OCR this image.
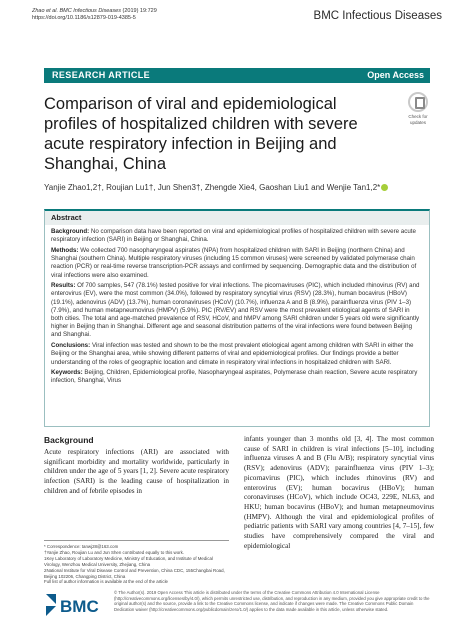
Zhao et al. BMC Infectious Diseases (2019) 19:729
https://doi.org/10.1186/s12879-019-4385-5	BMC Infectious Diseases
RESEARCH ARTICLE	Open Access
Comparison of viral and epidemiological profiles of hospitalized children with severe acute respiratory infection in Beijing and Shanghai, China
Check for
updates
Yanjie Zhao1,2†, Roujian Lu1†, Jun Shen3†, Zhengde Xie4, Gaoshan Liu1 and Wenjie Tan1,2*
Abstract

Background: No comparison data have been reported on viral and epidemiological profiles of hospitalized children with severe acute respiratory infection (SARI) in Beijing or Shanghai, China.

Methods: We collected 700 nasopharyngeal aspirates (NPA) from hospitalized children with SARI in Beijing (northern China) and Shanghai (southern China). Multiple respiratory viruses (including 15 common viruses) were screened by validated polymerase chain reaction (PCR) or real-time reverse transcription-PCR assays and confirmed by sequencing. Demographic data and the distribution of viral infections were also examined.

Results: Of 700 samples, 547 (78.1%) tested positive for viral infections. The picornaviruses (PIC), which included rhinovirus (RV) and enterovirus (EV), were the most common (34.0%), followed by respiratory syncytial virus (RSV) (28.3%), human bocavirus (HBoV) (19.1%), adenovirus (ADV) (13.7%), human coronaviruses (HCoV) (10.7%), influenza A and B (8.9%), parainfluenza virus (PIV 1–3) (7.9%), and human metapneumovirus (HMPV) (5.9%). PIC (RV/EV) and RSV were the most prevalent etiological agents of SARI in both cities. The total and age-matched prevalence of RSV, HCoV, and hMPV among SARI children under 5 years old were significantly higher in Beijing than in Shanghai. Different age and seasonal distribution patterns of the viral infections were found between Beijing and Shanghai.

Conclusions: Viral infection was tested and shown to be the most prevalent etiological agent among children with SARI in either the Beijing or the Shanghai area, while showing different patterns of viral and epidemiological profiles. Our findings provide a better understanding of the roles of geographic location and climate in respiratory viral infections in hospitalized children with SARI.

Keywords: Beijing, Children, Epidemiological profile, Nasopharyngeal aspirates, Polymerase chain reaction, Severe acute respiratory infection, Shanghai, Virus

Background
Acute respiratory infections (ARI) are associated with significant morbidity and mortality worldwide, particularly in children under the age of 5 years [1, 2]. Severe acute respiratory infection (SARI) is the leading cause of hospitalization in children and of febrile episodes in
infants younger than 3 months old [3, 4]. The most common cause of SARI in children is viral infections [5–10], including influenza viruses A and B (Flu A/B); respiratory syncytial virus (RSV); adenovirus (ADV); parainfluenza virus (PIV 1–3); picornavirus (PIC), which includes rhinovirus (RV) and enterovirus (EV); human bocavirus (HBoV); human coronaviruses (HCoV), which include OC43, 229E, NL63, and HKU; human bocavirus (HBoV); and human metapneumovirus (HMPV). Although the viral and epidemiological profiles of pediatric patients with SARI vary among countries [4, 7–15], few studies have comprehensively compared the viral and epidemiological
* Correspondence: tanwj28@163.com
†Yanjie Zhao, Roujian Lu and Jun Shen contributed equally to this work.
1Key Laboratory of Laboratory Medicine, Ministry of Education, and Institute of Medical Virology, Wenzhou Medical University, Zhejiang, China
2National Institute for Viral Disease Control and Prevention, China CDC, 155Changbai Road, Beijing 102206, Changping District, China
Full list of author information is available at the end of the article
BMC
© The Author(s). 2019 Open Access This article is distributed under the terms of the Creative Commons Attribution 4.0 International License (http://creativecommons.org/licenses/by/4.0/), which permits unrestricted use, distribution, and reproduction in any medium, provided you give appropriate credit to the original author(s) and the source, provide a link to the Creative Commons license, and indicate if changes were made. The Creative Commons Public Domain Dedication waiver (http://creativecommons.org/publicdomain/zero/1.0/) applies to the data made available in this article, unless otherwise stated.
